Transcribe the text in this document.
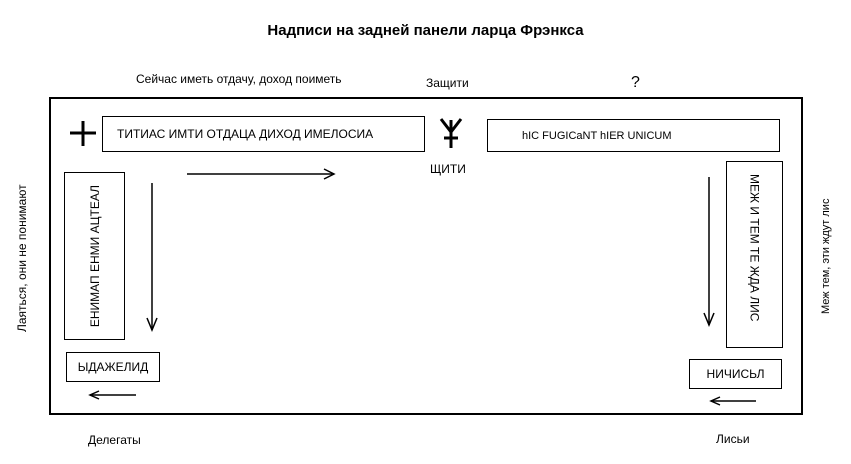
Надписи на задней панели ларца Фрэнкса
Сейчас иметь отдачу, доход поиметь	Защити	?
ТИТИАС ИМТИ ОТДАЦА ДИХОД ИМЕЛОСИА	hIC FUGICaNT hIER UNICUM
ЩИТИ
ЕНИМАП ЕНМИ АЦТЕАЛ	МЕЖ И ТЕМ ТЕ ЖДА ЛИС
ЫДАЖЕЛИД	НИЧИСЬЛ
Лаяться, они не понимают	Меж тем, эти ждут лис
Делегаты	Лисьи
